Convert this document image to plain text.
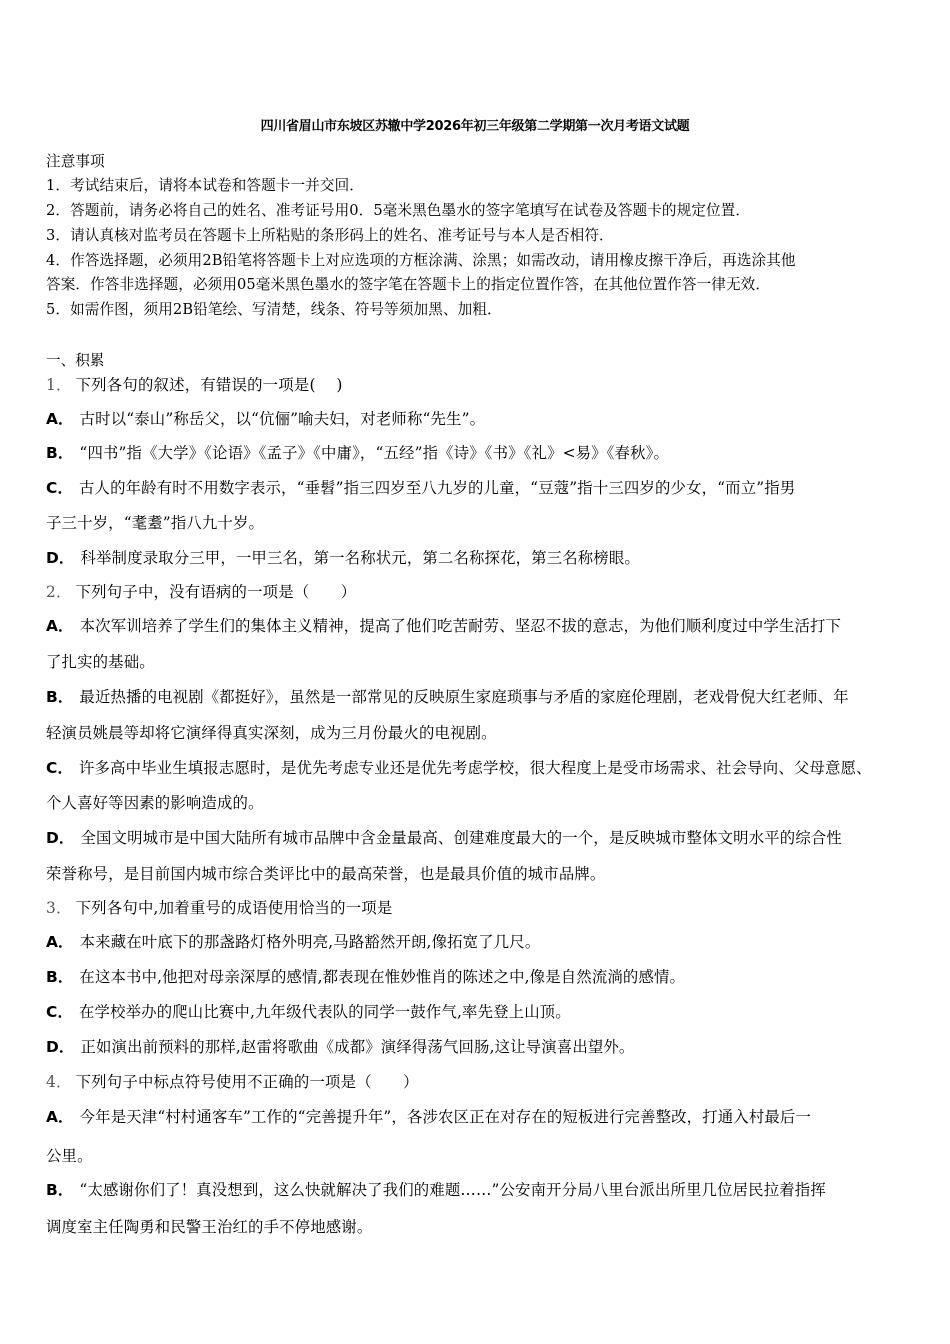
四川省眉山市东坡区苏辙中学2026年初三年级第二学期第一次月考语文试题
注意事项
1．考试结束后，请将本试卷和答题卡一并交回．
2．答题前，请务必将自己的姓名、准考证号用0．5毫米黑色墨水的签字笔填写在试卷及答题卡的规定位置．
3．请认真核对监考员在答题卡上所粘贴的条形码上的姓名、准考证号与本人是否相符．
4．作答选择题，必须用2B铅笔将答题卡上对应选项的方框涂满、涂黑；如需改动，请用橡皮擦干净后，再选涂其他
答案．作答非选择题，必须用05毫米黑色墨水的签字笔在答题卡上的指定位置作答，在其他位置作答一律无效．
5．如需作图，须用2B铅笔绘、写清楚，线条、符号等须加黑、加粗．
一、积累
1． 下列各句的叙述，有错误的一项是(　 )
A． 古时以“泰山”称岳父，以“伉俪”喻夫妇，对老师称“先生”。
B． “四书”指《大学》《论语》《孟子》《中庸》，“五经”指《诗》《书》《礼》<易》《春秋》。
C． 古人的年龄有时不用数字表示，“垂髫”指三四岁至八九岁的儿童，“豆蔻”指十三四岁的少女，“而立”指男
子三十岁，“耄耋”指八九十岁。
D． 科举制度录取分三甲，一甲三名，第一名称状元，第二名称探花，第三名称榜眼。
2． 下列句子中，没有语病的一项是（　　）
A． 本次军训培养了学生们的集体主义精神，提高了他们吃苦耐劳、坚忍不拔的意志，为他们顺利度过中学生活打下
了扎实的基础。
B． 最近热播的电视剧《都挺好》，虽然是一部常见的反映原生家庭琐事与矛盾的家庭伦理剧，老戏骨倪大红老师、年
轻演员姚晨等却将它演绎得真实深刻，成为三月份最火的电视剧。
C． 许多高中毕业生填报志愿时，是优先考虑专业还是优先考虑学校，很大程度上是受市场需求、社会导向、父母意愿、
个人喜好等因素的影响造成的。
D． 全国文明城市是中国大陆所有城市品牌中含金量最高、创建难度最大的一个，是反映城市整体文明水平的综合性
荣誉称号，是目前国内城市综合类评比中的最高荣誉，也是最具价值的城市品牌。
3． 下列各句中,加着重号的成语使用恰当的一项是
A． 本来藏在叶底下的那盏路灯格外明亮,马路豁然开朗,像拓宽了几尺。
B． 在这本书中,他把对母亲深厚的感情,都表现在惟妙惟肖的陈述之中,像是自然流淌的感情。
C． 在学校举办的爬山比赛中,九年级代表队的同学一鼓作气,率先登上山顶。
D． 正如演出前预料的那样,赵雷将歌曲《成都》演绎得荡气回肠,这让导演喜出望外。
4． 下列句子中标点符号使用不正确的一项是（　　）
A． 今年是天津“村村通客车”工作的“完善提升年”，各涉农区正在对存在的短板进行完善整改，打通入村最后一
公里。
B． “太感谢你们了！真没想到，这么快就解决了我们的难题……”公安南开分局八里台派出所里几位居民拉着指挥
调度室主任陶勇和民警王治红的手不停地感谢。
